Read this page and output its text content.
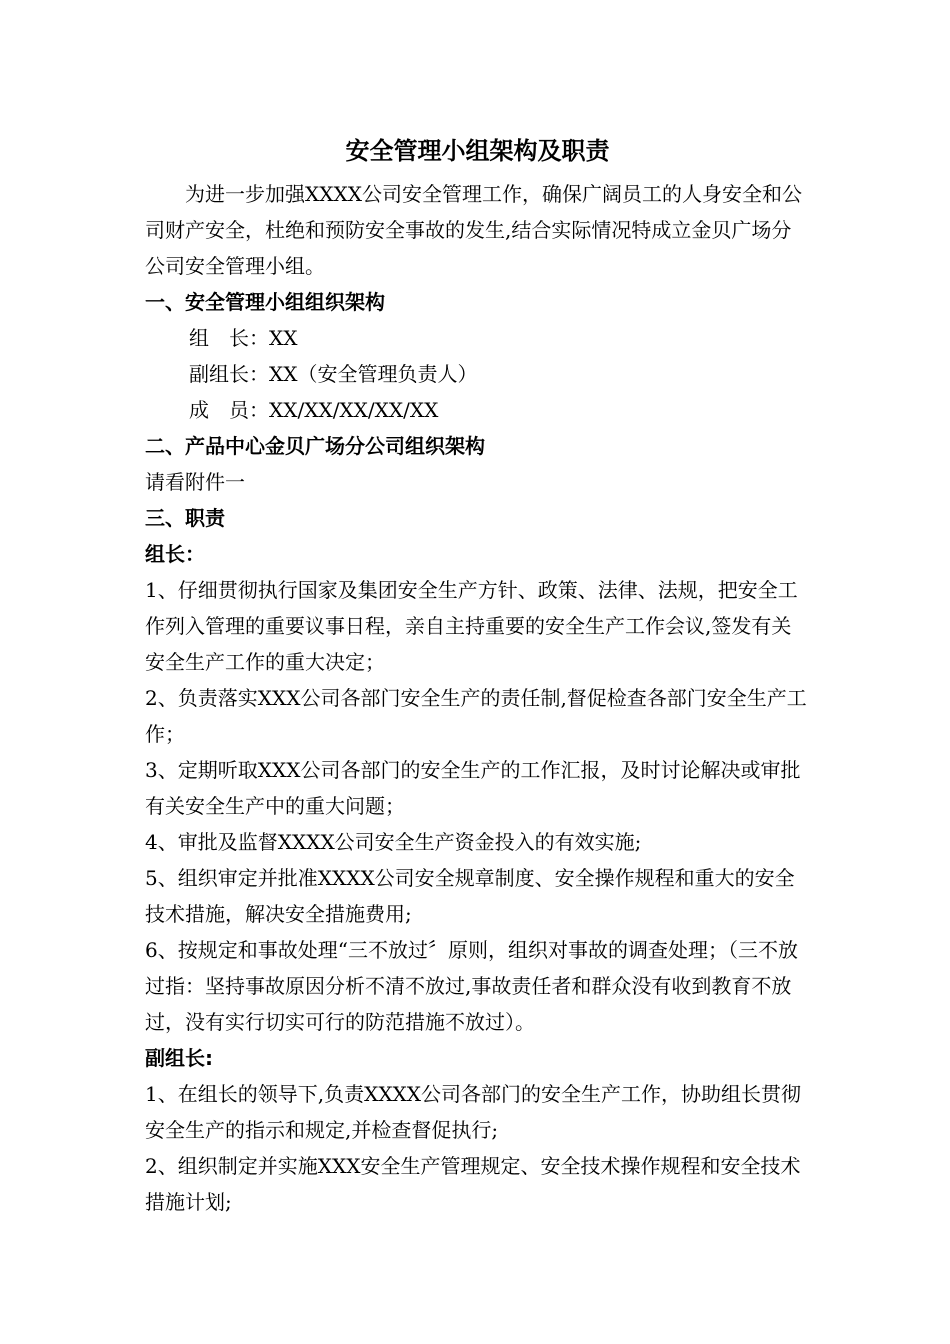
安全管理小组架构及职责

为进一步加强XXXX公司安全管理工作，确保广阔员工的人身安全和公司财产安全，杜绝和预防安全事故的发生,结合实际情况特成立金贝广场分公司安全管理小组。

一、安全管理小组组织架构
组　长：XX
副组长：XX（安全管理负责人）
成　员：XX/XX/XX/XX/XX
二、产品中心金贝广场分公司组织架构

请看附件一

三、职责
组长：

1、仔细贯彻执行国家及集团安全生产方针、政策、法律、法规，把安全工作列入管理的重要议事日程，亲自主持重要的安全生产工作会议,签发有关安全生产工作的重大决定；

2、负责落实XXX公司各部门安全生产的责任制,督促检查各部门安全生产工作；

3、定期听取XXX公司各部门的安全生产的工作汇报，及时讨论解决或审批有关安全生产中的重大问题；

4、审批及监督XXXX公司安全生产资金投入的有效实施;

5、组织审定并批准XXXX公司安全规章制度、安全操作规程和重大的安全技术措施，解决安全措施费用;

6、按规定和事故处理“三不放过〞原则，组织对事故的调查处理；（三不放过指：坚持事故原因分析不清不放过,事故责任者和群众没有收到教育不放过，没有实行切实可行的防范措施不放过）。

副组长:

1、在组长的领导下,负责XXXX公司各部门的安全生产工作，协助组长贯彻安全生产的指示和规定,并检查督促执行;

2、组织制定并实施XXX安全生产管理规定、安全技术操作规程和安全技术措施计划;
